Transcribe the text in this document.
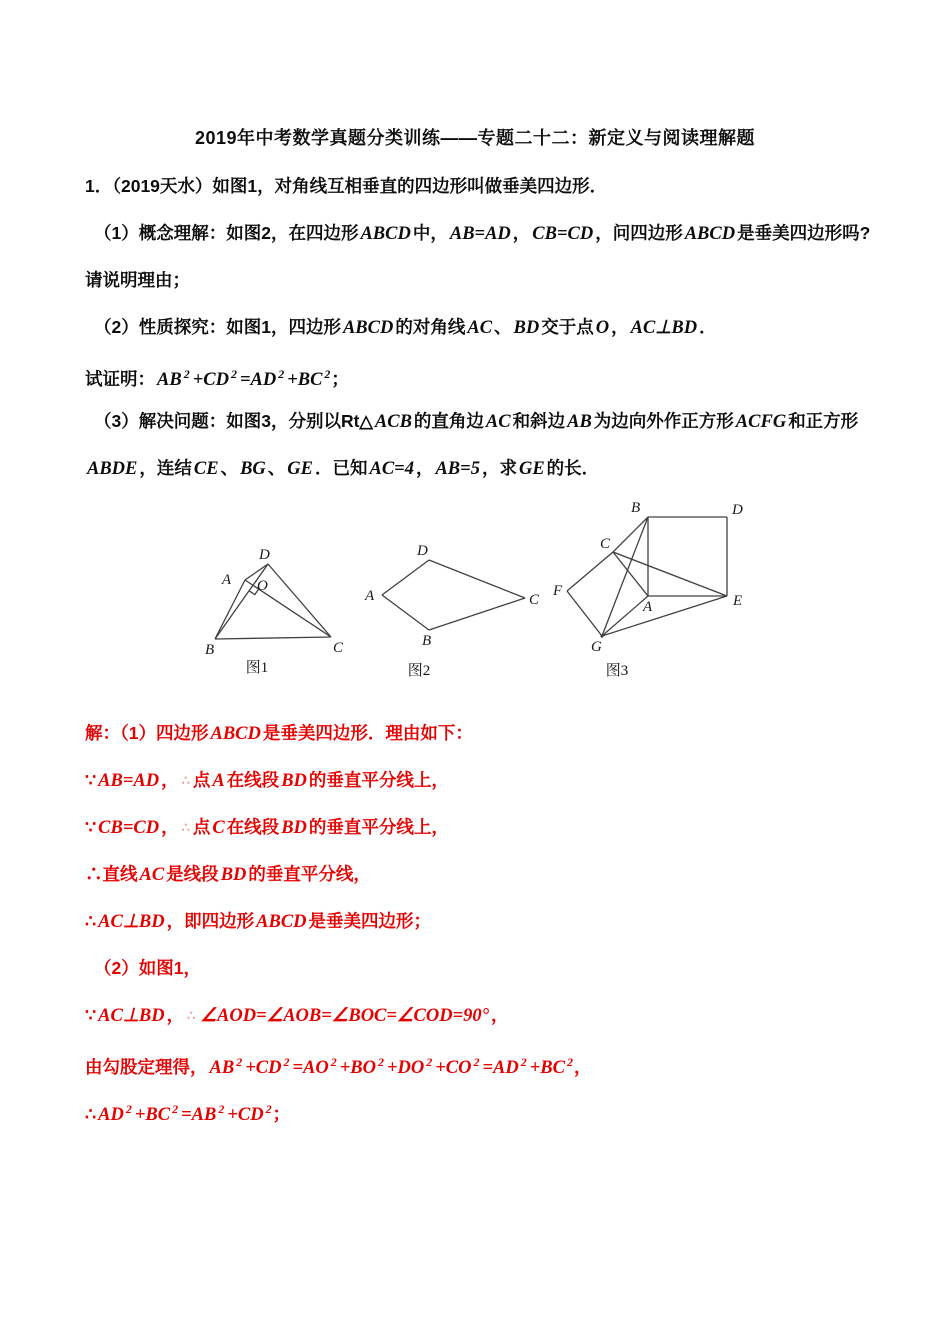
2019年中考数学真题分类训练——专题二十二：新定义与阅读理解题

1．（2019天水）如图1，对角线互相垂直的四边形叫做垂美四边形．

（1）概念理解：如图2，在四边形 ABCD 中， AB=AD ， CB=CD ，问四边形 ABCD 是垂美四边形吗?

请说明理由；

（2）性质探究：如图1，四边形 ABCD 的对角线 AC 、 BD 交于点 O ， AC⊥BD ．

试证明： AB $^2$ +CD $^2$ =AD $^2$ +BC $^2$；

（3）解决问题：如图3，分别以Rt△ ACB 的直角边 AC 和斜边 AB 为边向外作正方形 ACFG 和正方形

ABDE ，连结 CE 、 BG 、 GE ．已知 AC=4 ， AB=5 ，求 GE 的长．

A
B	C
D
O
图1
A
B
C
D
图2
A
B
C
D
E
F
G
图3

解：（1）四边形 ABCD 是垂美四边形．理由如下：

∵ AB=AD ， ∴ 点 A 在线段 BD 的垂直平分线上，

∵ CB=CD ， ∴ 点 C 在线段 BD 的垂直平分线上，

∴直线 AC 是线段 BD 的垂直平分线，

∴ AC⊥BD ，即四边形 ABCD 是垂美四边形；

（2）如图1，

∵ AC⊥BD ， ∴ ∠AOD=∠AOB=∠BOC=∠COD=90° ，

由勾股定理得， AB $^2$ +CD $^2$ =AO $^2$ +BO $^2$ +DO $^2$ +CO $^2$ =AD $^2$ +BC $^2$，

∴ AD $^2$ +BC $^2$ =AB $^2$ +CD $^2$；
